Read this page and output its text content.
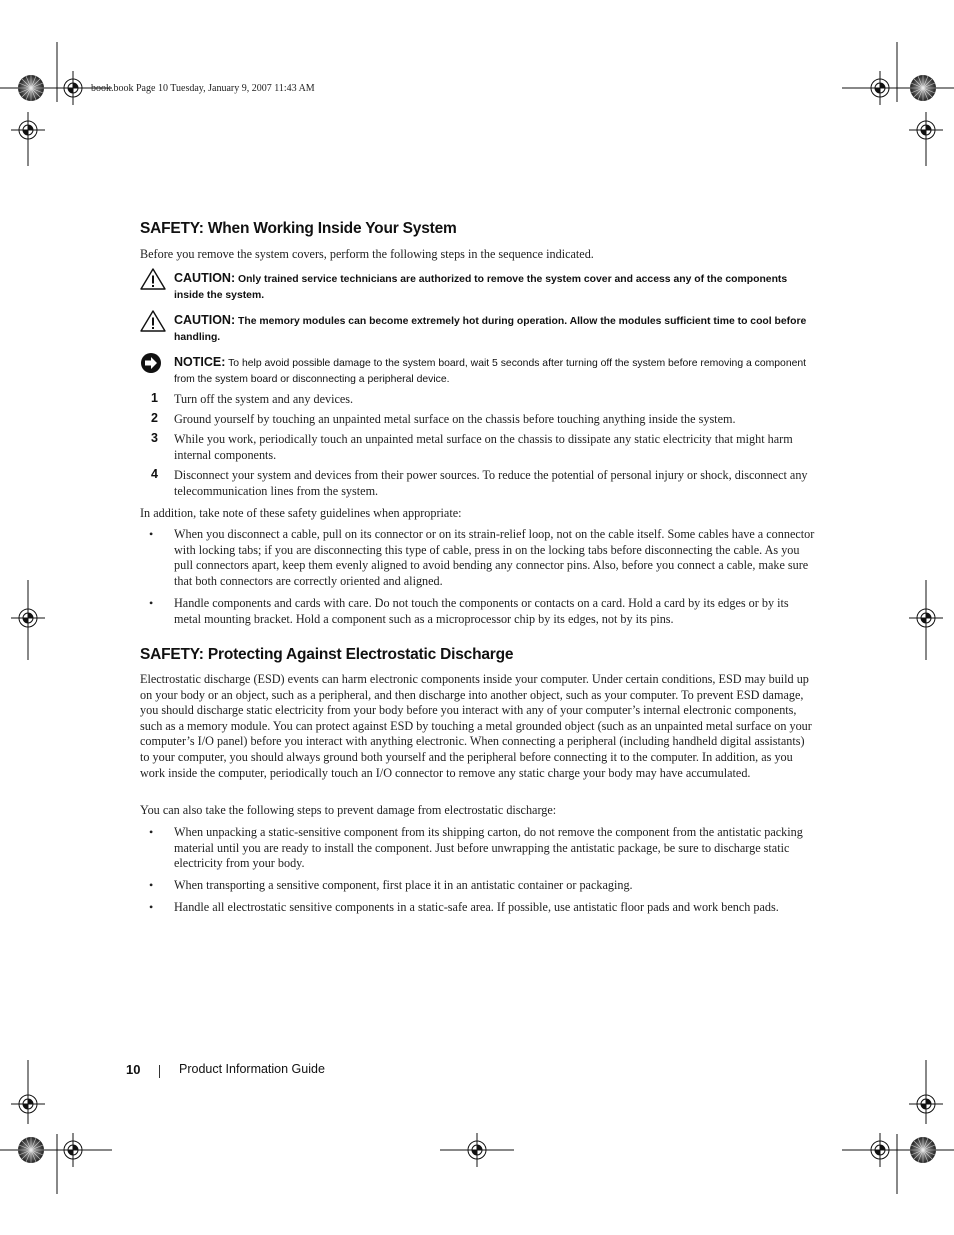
book.book Page 10 Tuesday, January 9, 2007 11:43 AM
SAFETY: When Working Inside Your System
Before you remove the system covers, perform the following steps in the sequence indicated.
CAUTION: Only trained service technicians are authorized to remove the system cover and access any of the components inside the system.
CAUTION: The memory modules can become extremely hot during operation. Allow the modules sufficient time to cool before handling.
NOTICE: To help avoid possible damage to the system board, wait 5 seconds after turning off the system before removing a component from the system board or disconnecting a peripheral device.
1	Turn off the system and any devices.
2	Ground yourself by touching an unpainted metal surface on the chassis before touching anything inside the system.
3	While you work, periodically touch an unpainted metal surface on the chassis to dissipate any static electricity that might harm internal components.
4	Disconnect your system and devices from their power sources. To reduce the potential of personal injury or shock, disconnect any telecommunication lines from the system.
In addition, take note of these safety guidelines when appropriate:
• When you disconnect a cable, pull on its connector or on its strain-relief loop, not on the cable itself. Some cables have a connector with locking tabs; if you are disconnecting this type of cable, press in on the locking tabs before disconnecting the cable. As you pull connectors apart, keep them evenly aligned to avoid bending any connector pins. Also, before you connect a cable, make sure that both connectors are correctly oriented and aligned.
• Handle components and cards with care. Do not touch the components or contacts on a card. Hold a card by its edges or by its metal mounting bracket. Hold a component such as a microprocessor chip by its edges, not by its pins.
SAFETY: Protecting Against Electrostatic Discharge
Electrostatic discharge (ESD) events can harm electronic components inside your computer. Under certain conditions, ESD may build up on your body or an object, such as a peripheral, and then discharge into another object, such as your computer. To prevent ESD damage, you should discharge static electricity from your body before you interact with any of your computer’s internal electronic components, such as a memory module. You can protect against ESD by touching a metal grounded object (such as an unpainted metal surface on your computer’s I/O panel) before you interact with anything electronic. When connecting a peripheral (including handheld digital assistants) to your computer, you should always ground both yourself and the peripheral before connecting it to the computer. In addition, as you work inside the computer, periodically touch an I/O connector to remove any static charge your body may have accumulated.
You can also take the following steps to prevent damage from electrostatic discharge:
• When unpacking a static-sensitive component from its shipping carton, do not remove the component from the antistatic packing material until you are ready to install the component. Just before unwrapping the antistatic package, be sure to discharge static electricity from your body.
• When transporting a sensitive component, first place it in an antistatic container or packaging.
• Handle all electrostatic sensitive components in a static-safe area. If possible, use antistatic floor pads and work bench pads.
10	Product Information Guide
